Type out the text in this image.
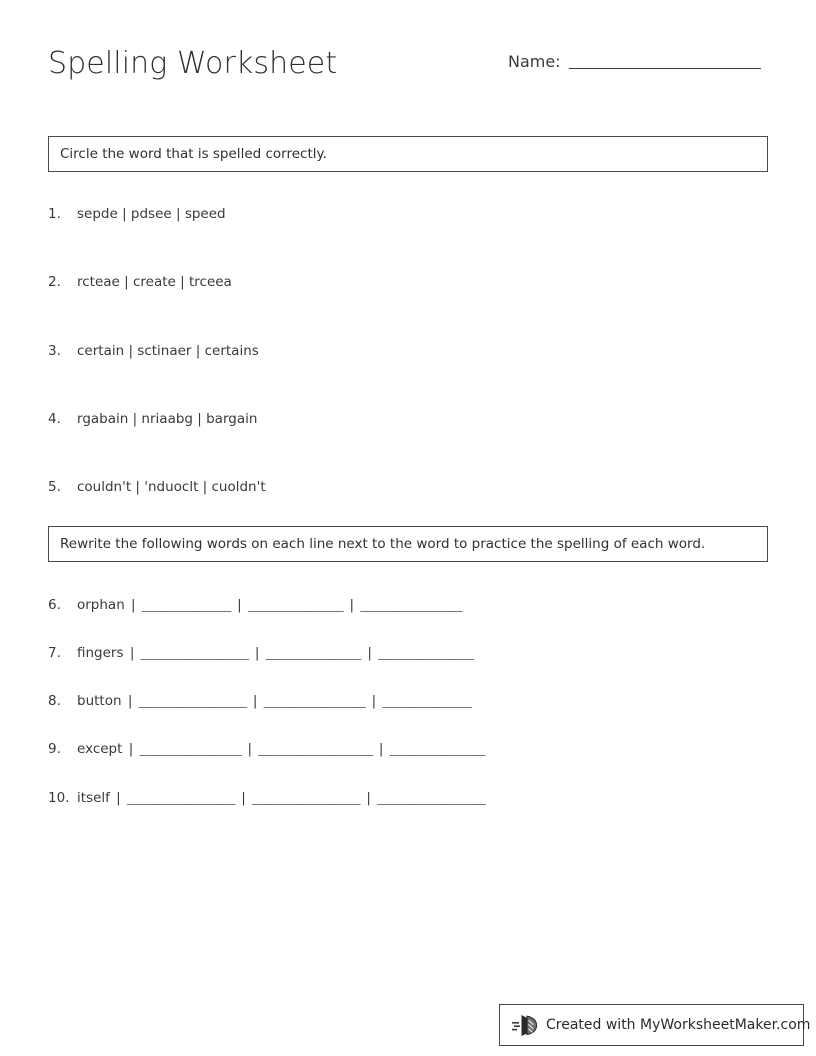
Spelling Worksheet	Name:
Circle the word that is spelled correctly.
1. sepde | pdsee | speed
2. rcteae | create | trceea
3. certain | sctinaer | certains
4. rgabain | nriaabg | bargain
5. couldn't | 'nduoclt | cuoldn't
Rewrite the following words on each line next to the word to practice the spelling of each word.
6. orphan | ______________ | _______________ | ________________
7. fingers | _________________ | _______________ | _______________
8. button | _________________ | ________________ | ______________
9. except | ________________ | __________________ | _______________
10. itself | _________________ | _________________ | _________________
Created with MyWorksheetMaker.com
